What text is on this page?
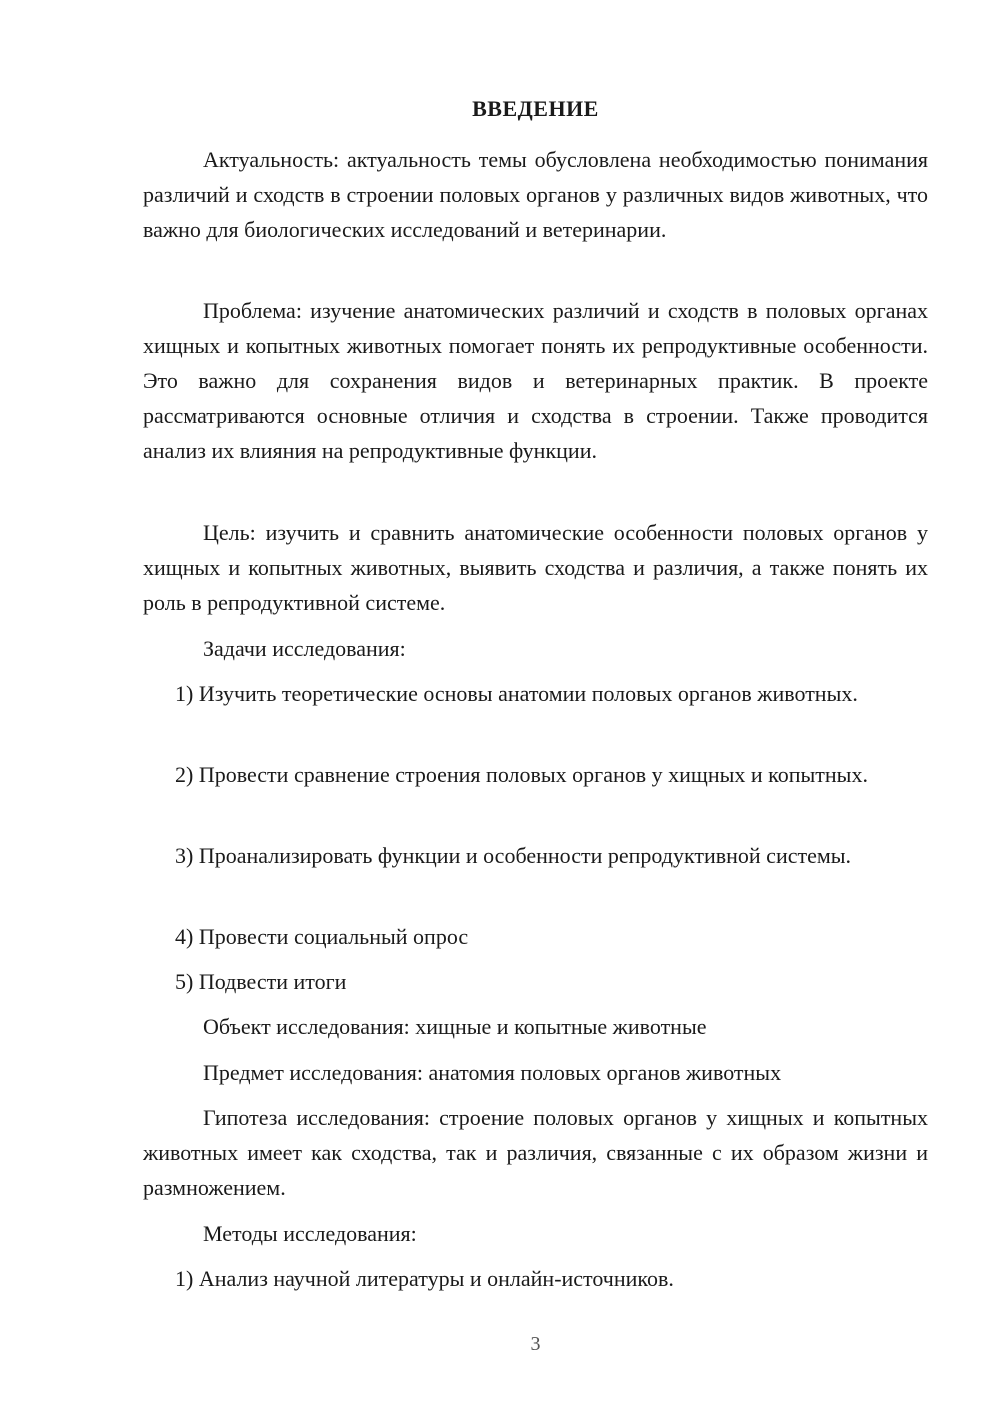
ВВЕДЕНИЕ

Актуальность: актуальность темы обусловлена необходимостью понимания различий и сходств в строении половых органов у различных видов животных, что важно для биологических исследований и ветеринарии.

Проблема: изучение анатомических различий и сходств в половых органах хищных и копытных животных помогает понять их репродуктивные особенности. Это важно для сохранения видов и ветеринарных практик. В проекте рассматриваются основные отличия и сходства в строении. Также проводится анализ их влияния на репродуктивные функции.

Цель: изучить и сравнить анатомические особенности половых органов у хищных и копытных животных, выявить сходства и различия, а также понять их роль в репродуктивной системе.

Задачи исследования:

1) Изучить теоретические основы анатомии половых органов животных.

2) Провести сравнение строения половых органов у хищных и копытных.

3) Проанализировать функции и особенности репродуктивной системы.

4) Провести социальный опрос

5) Подвести итоги

Объект исследования: хищные и копытные животные

Предмет исследования: анатомия половых органов животных

Гипотеза исследования: строение половых органов у хищных и копытных животных имеет как сходства, так и различия, связанные с их образом жизни и размножением.

Методы исследования:

1) Анализ научной литературы и онлайн-источников.

3
